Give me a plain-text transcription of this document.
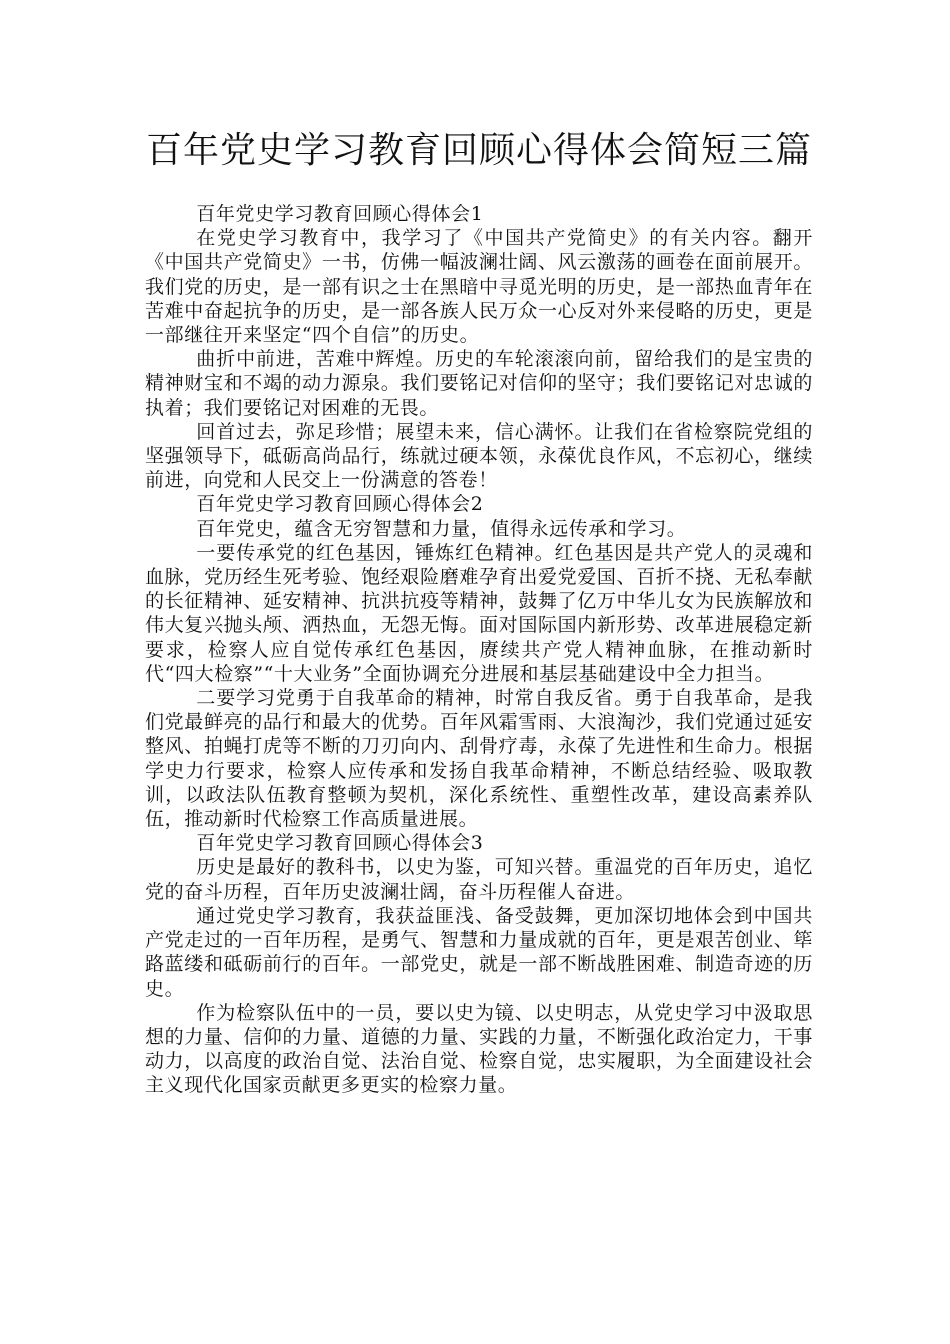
百年党史学习教育回顾心得体会简短三篇

百年党史学习教育回顾心得体会1

在党史学习教育中，我学习了《中国共产党简史》的有关内容。翻开《中国共产党简史》一书，仿佛一幅波澜壮阔、风云激荡的画卷在面前展开。我们党的历史，是一部有识之士在黑暗中寻觅光明的历史，是一部热血青年在苦难中奋起抗争的历史，是一部各族人民万众一心反对外来侵略的历史，更是一部继往开来坚定“四个自信”的历史。

曲折中前进，苦难中辉煌。历史的车轮滚滚向前，留给我们的是宝贵的精神财宝和不竭的动力源泉。我们要铭记对信仰的坚守；我们要铭记对忠诚的执着；我们要铭记对困难的无畏。

回首过去，弥足珍惜；展望未来，信心满怀。让我们在省检察院党组的坚强领导下，砥砺高尚品行，练就过硬本领，永葆优良作风，不忘初心，继续前进，向党和人民交上一份满意的答卷！

百年党史学习教育回顾心得体会2

百年党史，蕴含无穷智慧和力量，值得永远传承和学习。

一要传承党的红色基因，锤炼红色精神。红色基因是共产党人的灵魂和血脉，党历经生死考验、饱经艰险磨难孕育出爱党爱国、百折不挠、无私奉献的长征精神、延安精神、抗洪抗疫等精神，鼓舞了亿万中华儿女为民族解放和伟大复兴抛头颅、洒热血，无怨无悔。面对国际国内新形势、改革进展稳定新要求，检察人应自觉传承红色基因，赓续共产党人精神血脉，在推动新时代“四大检察”“十大业务”全面协调充分进展和基层基础建设中全力担当。

二要学习党勇于自我革命的精神，时常自我反省。勇于自我革命，是我们党最鲜亮的品行和最大的优势。百年风霜雪雨、大浪淘沙，我们党通过延安整风、拍蝇打虎等不断的刀刃向内、刮骨疗毒，永葆了先进性和生命力。根据学史力行要求，检察人应传承和发扬自我革命精神，不断总结经验、吸取教训，以政法队伍教育整顿为契机，深化系统性、重塑性改革，建设高素养队伍，推动新时代检察工作高质量进展。

百年党史学习教育回顾心得体会3

历史是最好的教科书，以史为鉴，可知兴替。重温党的百年历史，追忆党的奋斗历程，百年历史波澜壮阔，奋斗历程催人奋进。

通过党史学习教育，我获益匪浅、备受鼓舞，更加深切地体会到中国共产党走过的一百年历程，是勇气、智慧和力量成就的百年，更是艰苦创业、筚路蓝缕和砥砺前行的百年。一部党史，就是一部不断战胜困难、制造奇迹的历史。

作为检察队伍中的一员，要以史为镜、以史明志，从党史学习中汲取思想的力量、信仰的力量、道德的力量、实践的力量，不断强化政治定力，干事动力，以高度的政治自觉、法治自觉、检察自觉，忠实履职，为全面建设社会主义现代化国家贡献更多更实的检察力量。
